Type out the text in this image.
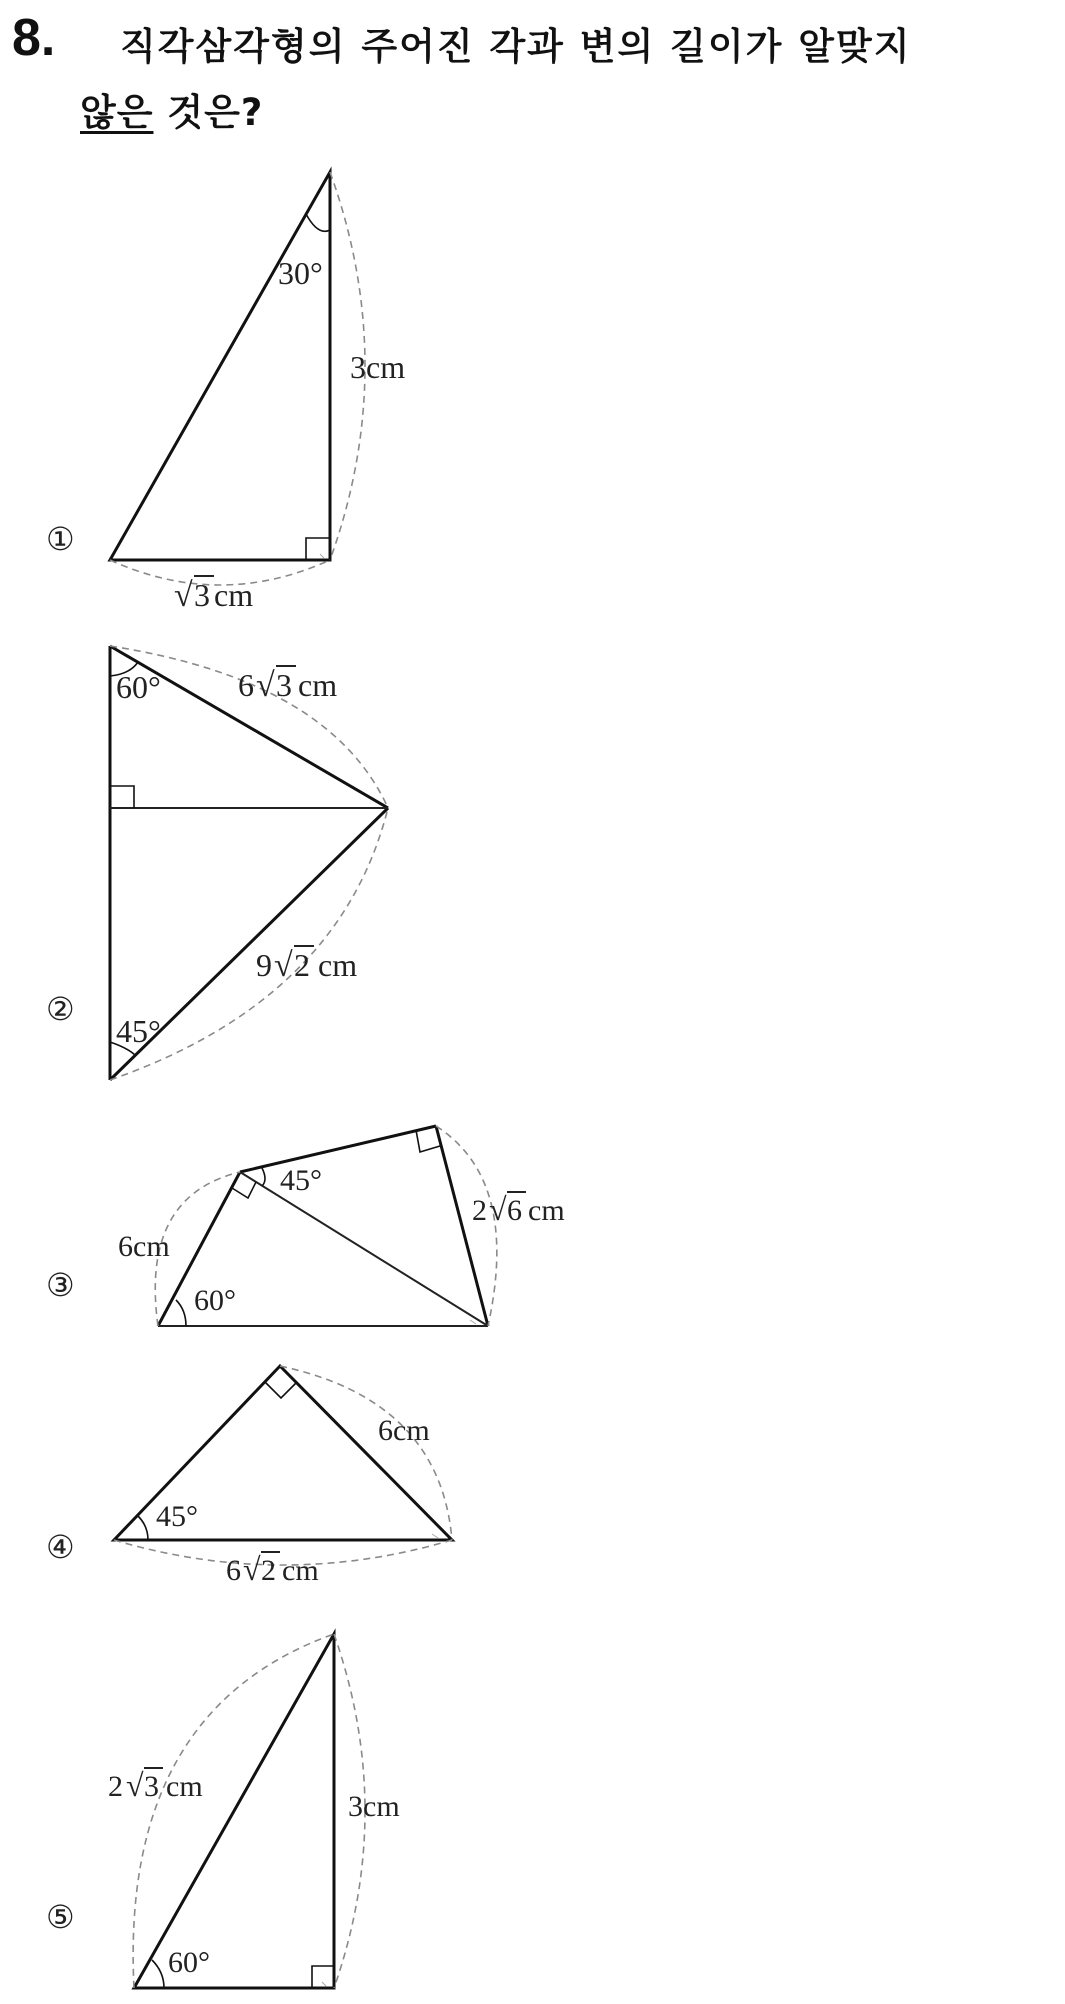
8. 직각삼각형의 주어진 각과 변의 길이가 알맞지
않은 것은?
30°
3cm
√ 3 cm
①
60°
45°
6 √ 3 cm
9 √ 2 cm
②
45°
60°
6cm
2 √ 6 cm
③
45°
6cm
6 √ 2 cm
④
60°
2 √ 3 cm
3cm
⑤
